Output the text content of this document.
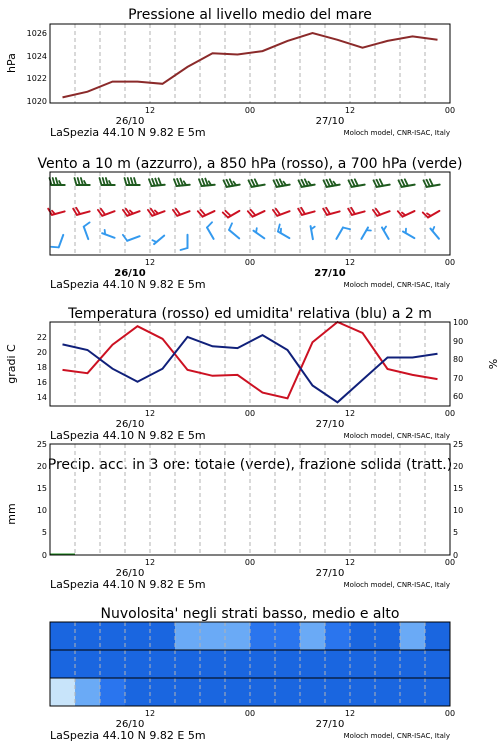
Pressione al livello medio del mare
hPa
1026
1024
1022
1020
Vento a 10 m (azzurro), a 850 hPa (rosso), a 700 hPa (verde)
Temperatura (rosso) ed umidita' relativa (blu) a 2 m
gradi C	%
22
20
18
16
14
100
90
80
70
60
Precip. acc. in 3 ore: totale (verde), frazione solida (tratt.)
mm
25
20
15
10
5
0
25
20
15
10
5
0
Nuvolosita' negli strati basso, medio e alto
12	00	12	00
26/10	27/10
LaSpezia 44.10 N 9.82 E 5m	Moloch model, CNR-ISAC, Italy
12	00	12	00
26/10	27/10
LaSpezia 44.10 N 9.82 E 5m	Moloch model, CNR-ISAC, Italy
12	00	12	00
26/10	27/10
LaSpezia 44.10 N 9.82 E 5m	Moloch model, CNR-ISAC, Italy
12	00	12	00
26/10	27/10
LaSpezia 44.10 N 9.82 E 5m	Moloch model, CNR-ISAC, Italy
12	00	12	00
26/10	27/10
LaSpezia 44.10 N 9.82 E 5m	Moloch model, CNR-ISAC, Italy
